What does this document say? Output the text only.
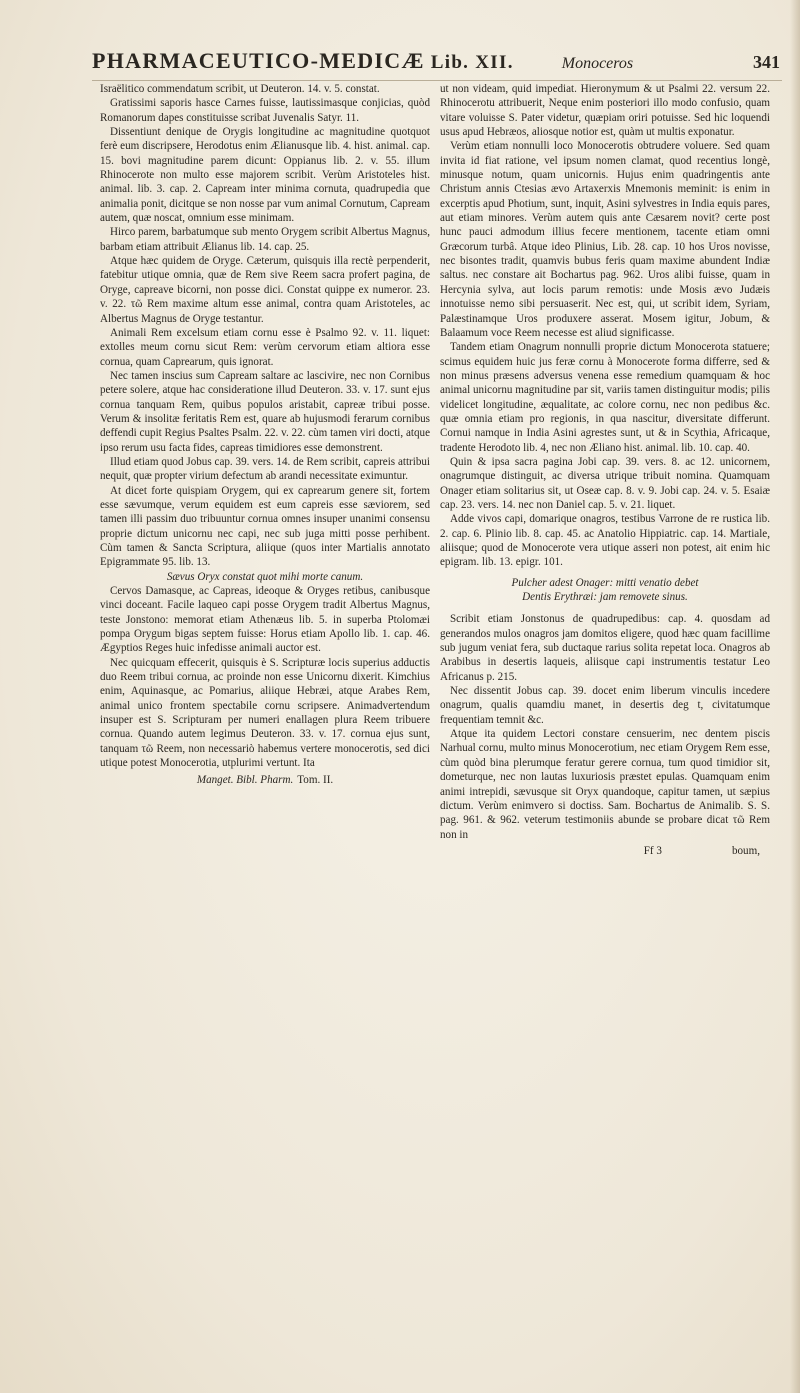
PHARMACEUTICO-MEDICÆ Lib. XII.	Monoceros	341

Israëlitico commendatum scribit, ut Deuteron. 14. v. 5. constat.

Gratissimi saporis hasce Carnes fuisse, lautissimasque conjicias, quòd Romanorum dapes constituisse scribat Juvenalis Satyr. 11.

Dissentiunt denique de Orygis longitudine ac magnitudine quotquot ferè eum discripsere, Herodotus enim Ælianusque lib. 4. hist. animal. cap. 15. bovi magnitudine parem dicunt: Oppianus lib. 2. v. 55. illum Rhinocerote non multo esse majorem scribit. Verùm Aristoteles hist. animal. lib. 3. cap. 2. Capream inter minima cornuta, quadrupedia que animalia ponit, dicitque se non nosse par vum animal Cornutum, Capream autem, quæ noscat, omnium esse minimam.

Hirco parem, barbatumque sub mento Orygem scribit Albertus Magnus, barbam etiam attribuit Ælianus lib. 14. cap. 25.

Atque hæc quidem de Oryge. Cæterum, quisquis illa rectè perpenderit, fatebitur utique omnia, quæ de Rem sive Reem sacra profert pagina, de Oryge, capreave bicorni, non posse dici. Constat quippe ex numeror. 23. v. 22. τῶ Rem maxime altum esse animal, contra quam Aristoteles, ac Albertus Magnus de Oryge testantur.

Animali Rem excelsum etiam cornu esse è Psalmo 92. v. 11. liquet: extolles meum cornu sicut Rem: verùm cervorum etiam altiora esse cornua, quam Caprearum, quis ignorat.

Nec tamen inscius sum Capream saltare ac lascivire, nec non Cornibus petere solere, atque hac consideratione illud Deuteron. 33. v. 17. sunt ejus cornua tanquam Rem, quibus populos aristabit, capreæ tribui posse. Verum & insolitæ feritatis Rem est, quare ab hujusmodi ferarum cornibus deffendi cupit Regius Psaltes Psalm. 22. v. 22. cùm tamen viri docti, atque ipso rerum usu facta fides, capreas timidiores esse demonstrent.

Illud etiam quod Jobus cap. 39. vers. 14. de Rem scribit, capreis attribui nequit, quæ propter virium defectum ab arandi necessitate eximuntur.

At dicet forte quispiam Orygem, qui ex caprearum genere sit, fortem esse sævumque, verum equidem est eum capreis esse sæviorem, sed tamen illi passim duo tribuuntur cornua omnes insuper unanimi consensu proprie dictum unicornu nec capi, nec sub juga mitti posse perhibent. Cùm tamen & Sancta Scriptura, aliique (quos inter Martialis annotato Epigrammate 95. lib. 13.

Sævus Oryx constat quot mihi morte canum.

Cervos Damasque, ac Capreas, ideoque & Oryges retibus, canibusque vinci doceant. Facile laqueo capi posse Orygem tradit Albertus Magnus, teste Jonstono: memorat etiam Athenæus lib. 5. in superba Ptolomæi pompa Orygum bigas septem fuisse: Horus etiam Apollo lib. 1. cap. 46. Ægyptios Reges huic infedisse animali auctor est.

Nec quicquam effecerit, quisquis è S. Scripturæ locis superius adductis duo Reem tribui cornua, ac proinde non esse Unicornu dixerit. Kimchius enim, Aquinasque, ac Pomarius, aliique Hebræi, atque Arabes Rem, animal unico frontem spectabile cornu scripsere. Animadvertendum insuper est S. Scripturam per numeri enallagen plura Reem tribuere cornua. Quando autem legimus Deuteron. 33. v. 17. cornua ejus sunt, tanquam τῶ Reem, non necessariò habemus vertere monocerotis, sed dici utique potest Monocerotia, utplurimi vertunt. Ita

Manget. Bibl. Pharm. Tom. II.

ut non videam, quid impediat. Hieronymum & ut Psalmi 22. versum 22. Rhinocerotu attribuerit, Neque enim posteriori illo modo confusio, quam vitare voluisse S. Pater videtur, quæpiam oriri potuisse. Sed hic loquendi usus apud Hebræos, aliosque notior est, quàm ut multis exponatur.

Verùm etiam nonnulli loco Monocerotis obtrudere voluere. Sed quam invita id fiat ratione, vel ipsum nomen clamat, quod recentius longè, minusque notum, quam unicornis. Hujus enim quadringentis ante Christum annis Ctesias ævo Artaxerxis Mnemonis meminit: is enim in excerptis apud Photium, sunt, inquit, Asini sylvestres in India equis pares, aut etiam minores. Verùm autem quis ante Cæsarem novit? certe post hunc pauci admodum illius fecere mentionem, tacente etiam omni Græcorum turbâ. Atque ideo Plinius, Lib. 28. cap. 10 hos Uros novisse, nec bisontes tradit, quamvis bubus feris quam maxime abundent Indiæ saltus. nec constare ait Bochartus pag. 962. Uros alibi fuisse, quam in Hercynia sylva, aut locis parum remotis: unde Mosis ævo Judæis innotuisse nemo sibi persuaserit. Nec est, qui, ut scribit idem, Syriam, Palæstinamque Uros produxere asserat. Mosem igitur, Jobum, & Balaamum voce Reem necesse est aliud significasse.

Tandem etiam Onagrum nonnulli proprie dictum Monocerota statuere; scimus equidem huic jus feræ cornu à Monocerote forma differre, sed & non minus præsens adversus venena esse remedium quamquam & hoc animal unicornu magnitudine par sit, variis tamen distinguitur modis; pilis videlicet longitudine, æqualitate, ac colore cornu, nec non pedibus &c. quæ omnia etiam pro regionis, in qua nascitur, diversitate differunt. Cornui namque in India Asini agrestes sunt, ut & in Scythia, Africaque, tradente Herodoto lib. 4, nec non Æliano hist. animal. lib. 10. cap. 40.

Quin & ipsa sacra pagina Jobi cap. 39. vers. 8. ac 12. unicornem, onagrumque distinguit, ac diversa utrique tribuit nomina. Quamquam Onager etiam solitarius sit, ut Oseæ cap. 8. v. 9. Jobi cap. 24. v. 5. Esaiæ cap. 23. vers. 14. nec non Daniel cap. 5. v. 21. liquet.

Adde vivos capi, domarique onagros, testibus Varrone de re rustica lib. 2. cap. 6. Plinio lib. 8. cap. 45. ac Anatolio Hippiatric. cap. 14. Martiale, aliisque; quod de Monocerote vera utique asseri non potest, ait enim hic epigram. lib. 13. epigr. 101.

Pulcher adest Onager: mitti venatio debet
Dentis Erythræi: jam removete sinus.

Scribit etiam Jonstonus de quadrupedibus: cap. 4. quosdam ad generandos mulos onagros jam domitos eligere, quod hæc quam facillime sub jugum veniat fera, sub ductaque rarius solita repetat loca. Onagros ab Arabibus in desertis laqueis, aliisque capi instrumentis testatur Leo Africanus p. 215.

Nec dissentit Jobus cap. 39. docet enim liberum vinculis incedere onagrum, qualis quamdiu manet, in desertis deg t, civitatumque frequentiam temnit &c.

Atque ita quidem Lectori constare censuerim, nec dentem piscis Narhual cornu, multo minus Monocerotium, nec etiam Orygem Rem esse, cùm quòd bina plerumque feratur gerere cornua, tum quod timidior sit, dometurque, nec non lautas luxuriosis præstet epulas. Quamquam enim animi intrepidi, sævusque sit Oryx quandoque, capitur tamen, ut sæpius dictum. Verùm enimvero si doctiss. Sam. Bochartus de Animalib. S. S. pag. 961. & 962. veterum testimoniis abunde se probare dicat τῶ Rem non in

Ff 3	boum,
